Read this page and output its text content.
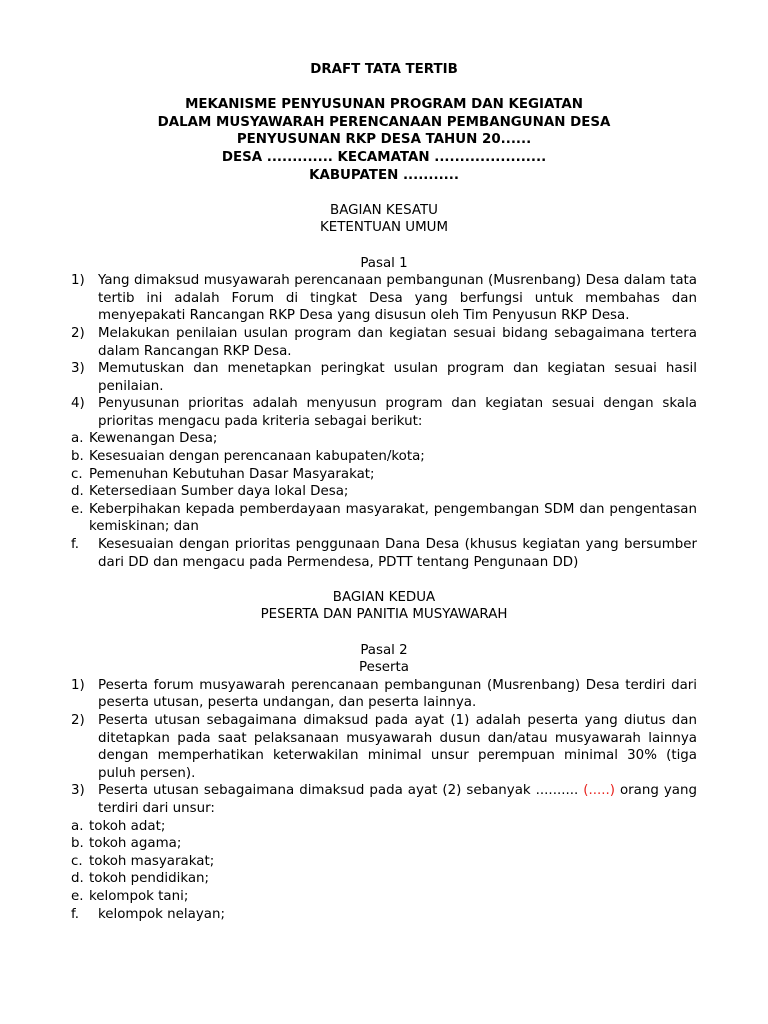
DRAFT TATA TERTIB
MEKANISME PENYUSUNAN PROGRAM DAN KEGIATAN
DALAM MUSYAWARAH PERENCANAAN PEMBANGUNAN DESA
PENYUSUNAN RKP DESA TAHUN 20......
DESA ............. KECAMATAN ......................
KABUPATEN ...........
BAGIAN KESATU
KETENTUAN UMUM
Pasal 1
1) Yang dimaksud musyawarah perencanaan pembangunan (Musrenbang) Desa dalam tata tertib ini adalah Forum di tingkat Desa yang berfungsi untuk membahas dan menyepakati Rancangan RKP Desa yang disusun oleh Tim Penyusun RKP Desa.
2) Melakukan penilaian usulan program dan kegiatan sesuai bidang sebagaimana tertera dalam Rancangan RKP Desa.
3) Memutuskan dan menetapkan peringkat usulan program dan kegiatan sesuai hasil penilaian.
4) Penyusunan prioritas adalah menyusun program dan kegiatan sesuai dengan skala prioritas mengacu pada kriteria sebagai berikut:
a. Kewenangan Desa;
b. Kesesuaian dengan perencanaan kabupaten/kota;
c. Pemenuhan Kebutuhan Dasar Masyarakat;
d. Ketersediaan Sumber daya lokal Desa;
e. Keberpihakan kepada pemberdayaan masyarakat, pengembangan SDM dan pengentasan kemiskinan; dan
f.	Kesesuaian dengan prioritas penggunaan Dana Desa (khusus kegiatan yang bersumber dari DD dan mengacu pada Permendesa, PDTT tentang Pengunaan DD)
BAGIAN KEDUA
PESERTA DAN PANITIA MUSYAWARAH
Pasal 2
Peserta
1) Peserta forum musyawarah perencanaan pembangunan (Musrenbang) Desa terdiri dari peserta utusan, peserta undangan, dan peserta lainnya.
2) Peserta utusan sebagaimana dimaksud pada ayat (1) adalah peserta yang diutus dan ditetapkan pada saat pelaksanaan musyawarah dusun dan/atau musyawarah lainnya dengan memperhatikan keterwakilan minimal unsur perempuan minimal 30% (tiga puluh persen).
3) Peserta utusan sebagaimana dimaksud pada ayat (2) sebanyak .......... (.....) orang yang terdiri dari unsur:
a. tokoh adat;
b. tokoh agama;
c. tokoh masyarakat;
d. tokoh pendidikan;
e. kelompok tani;
f.	kelompok nelayan;
